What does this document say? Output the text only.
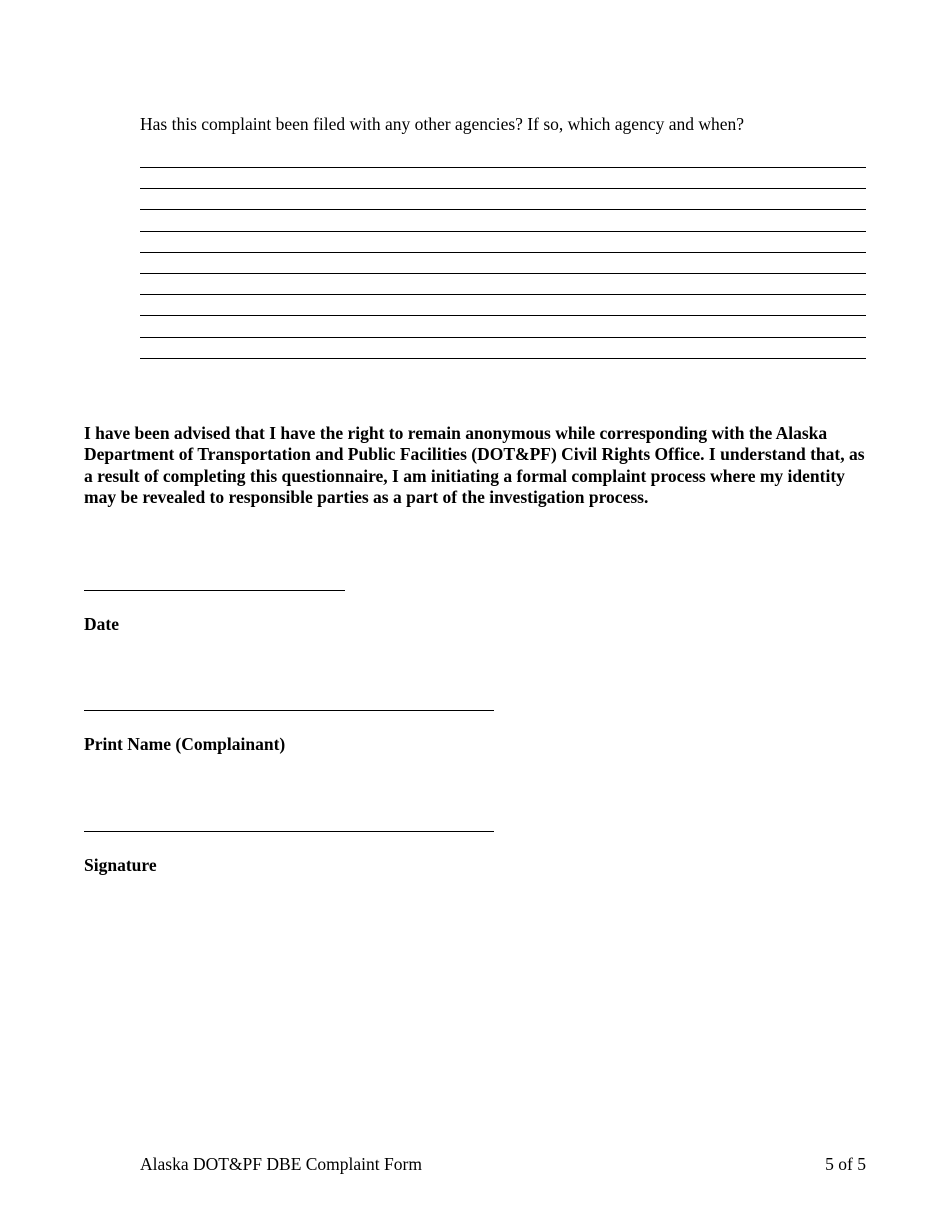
Has this complaint been filed with any other agencies? If so, which agency and when?
I have been advised that I have the right to remain anonymous while corresponding with the Alaska Department of Transportation and Public Facilities (DOT&PF) Civil Rights Office. I understand that, as a result of completing this questionnaire, I am initiating a formal complaint process where my identity may be revealed to responsible parties as a part of the investigation process.
Date
Print Name (Complainant)
Signature
Alaska DOT&PF DBE Complaint Form	5 of 5
